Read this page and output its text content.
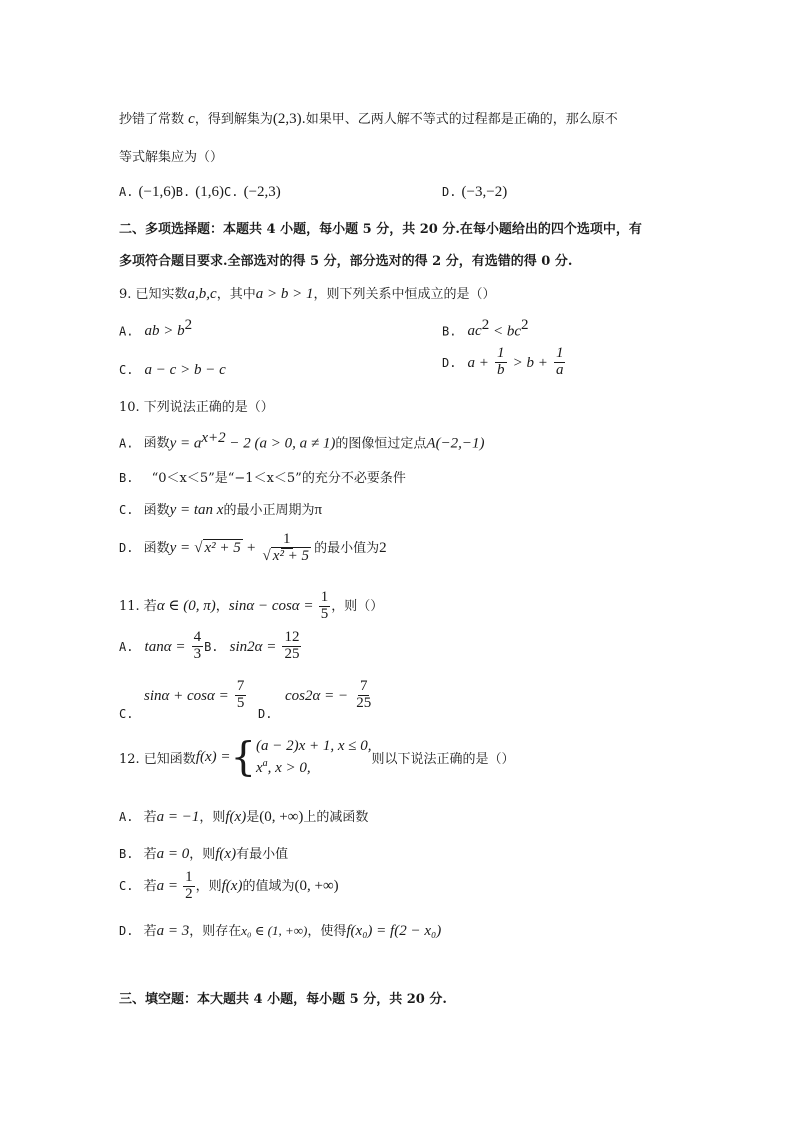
抄错了常数 c，得到解集为(2,3).如果甲、乙两人解不等式的过程都是正确的，那么原不
等式解集应为（）
A. (−1,6)B. (1,6)C. (−2,3)	D. (−3,−2)
二、多项选择题：本题共 4 小题，每小题 5 分，共 20 分.在每小题给出的四个选项中，有
多项符合题目要求.全部选对的得 5 分，部分选对的得 2 分，有选错的得 0 分.
9. 已知实数a,b,c，其中a > b > 1，则下列关系中恒成立的是（）
A. ab > $b^2$	B. $ac^2 < bc^2$
C. a − c > b − c	D. $a + \frac{1}{b} > b + \frac{1}{a}$
10. 下列说法正确的是（）
A. 函数$y = a^{x+2} - 2$ (a > 0, a ≠ 1)的图像恒过定点A(−2,−1)
B. “0＜x＜5”是“−1＜x＜5”的充分不必要条件
C. 函数y = tan x的最小正周期为π
D. 函数y = √ $x^2 + 5 + \frac{1}{\text{√ x² + 5}}$ 的最小值为2
11. 若α ∈ (0, π)，$\sin\alpha - \cos\alpha = \frac{1}{5}$ ，则（）
A. $\tan\alpha = \frac{4}{3} B$. $\sin 2\alpha = \frac{12}{25}$
C.
$\sin\alpha + \cos\alpha = \frac{7}{5}$
D.
cos2α = − $\frac{7}{25}$
12. 已知函数f(x) ={ (a − 2)x + 1, x ≤ 0,
$x^a$, x > 0,
则以下说法正确的是（）
A. 若a = −1，则f(x)是(0, +∞)上的减函数
B. 若a = 0，则f(x)有最小值
C. 若$a = \frac{1}{2}$ ，则f(x)的值域为(0, +∞)
D. 若a = 3，则存在x₀ ∈ (1, +∞)，使得f(x₀) = f(2 − x₀)
三、填空题：本大题共 4 小题，每小题 5 分，共 20 分.
